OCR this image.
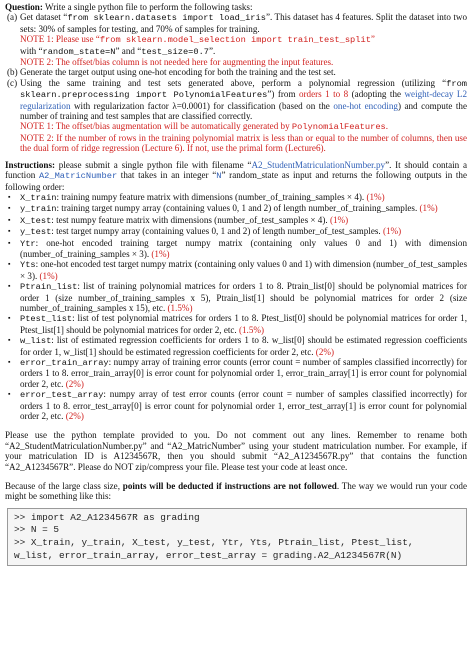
Question: Write a single python file to perform the following tasks:
(a) Get dataset “from sklearn.datasets import load_iris”. This dataset has 4 features. Split the dataset into two sets: 30% of samples for testing, and 70% of samples for training.
NOTE 1: Please use “from sklearn.model_selection import train_test_split”
with “random_state=N” and “test_size=0.7”.
NOTE 2: The offset/bias column is not needed here for augmenting the input features.
(b) Generate the target output using one-hot encoding for both the training and the test set.
(c) Using the same training and test sets generated above, perform a polynomial regression (utilizing “from sklearn.preprocessing import PolynomialFeatures”) from orders 1 to 8 (adopting the weight-decay L2 regularization with regularization factor λ=0.0001) for classification (based on the one-hot encoding) and compute the number of training and test samples that are classified correctly.
NOTE 1: The offset/bias augmentation will be automatically generated by PolynomialFeatures.
NOTE 2: If the number of rows in the training polynomial matrix is less than or equal to the number of columns, then use the dual form of ridge regression (Lecture 6). If not, use the primal form (Lecture6).
Instructions: please submit a single python file with filename “A2_StudentMatriculationNumber.py”. It should contain a function A2_MatricNumber that takes in an integer “N” random_state as input and returns the following outputs in the following order:
▪	X_train: training numpy feature matrix with dimensions (number_of_training_samples × 4). (1%)
▪	y_train: training target numpy array (containing values 0, 1 and 2) of length number_of_training_samples. (1%)
▪	X_test: test numpy feature matrix with dimensions (number_of_test_samples × 4). (1%)
▪	y_test: test target numpy array (containing values 0, 1 and 2) of length number_of_test_samples. (1%)
▪	Ytr: one-hot encoded training target numpy matrix (containing only values 0 and 1) with dimension (number_of_training_samples × 3). (1%)
▪	Yts: one-hot encoded test target numpy matrix (containing only values 0 and 1) with dimension (number_of_test_samples × 3). (1%)
▪	Ptrain_list: list of training polynomial matrices for orders 1 to 8. Ptrain_list[0] should be polynomial matrices for order 1 (size number_of_training_samples x 5), Ptrain_list[1] should be polynomial matrices for order 2 (size number_of_training_samples x 15), etc. (1.5%)
▪	Ptest_list: list of test polynomial matrices for orders 1 to 8. Ptest_list[0] should be polynomial matrices for order 1, Ptest_list[1] should be polynomial matrices for order 2, etc. (1.5%)
▪	w_list: list of estimated regression coefficients for orders 1 to 8. w_list[0] should be estimated regression coefficients for order 1, w_list[1] should be estimated regression coefficients for order 2, etc. (2%)
▪	error_train_array: numpy array of training error counts (error count = number of samples classified incorrectly) for orders 1 to 8. error_train_array[0] is error count for polynomial order 1, error_train_array[1] is error count for polynomial order 2, etc. (2%)
▪	error_test_array: numpy array of test error counts (error count = number of samples classified incorrectly) for orders 1 to 8. error_test_array[0] is error count for polynomial order 1, error_test_array[1] is error count for polynomial order 2, etc. (2%)
Please use the python template provided to you. Do not comment out any lines. Remember to rename both “A2_StudentMatriculationNumber.py” and “A2_MatricNumber” using your student matriculation number. For example, if your matriculation ID is A1234567R, then you should submit “A2_A1234567R.py” that contains the function “A2_A1234567R”. Please do NOT zip/compress your file. Please test your code at least once.
Because of the large class size, points will be deducted if instructions are not followed. The way we would run your code might be something like this:
>> import A2_A1234567R as grading
>> N = 5
>> X_train, y_train, X_test, y_test, Ytr, Yts, Ptrain_list, Ptest_list,
w_list, error_train_array, error_test_array = grading.A2_A1234567R(N)
